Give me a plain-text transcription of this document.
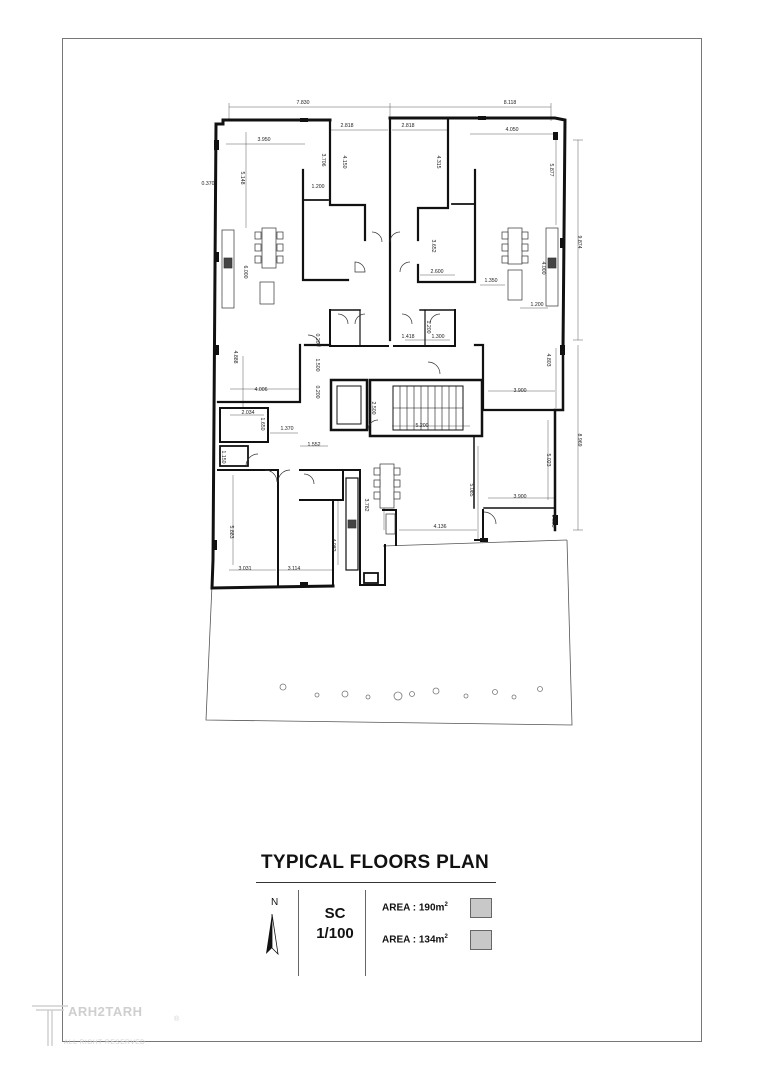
7.830	8.118
3.950
2.818	2.818
4.050
3.706	4.150	4.315
5.877
0.370	5.148
1.200
9.874
6.000
3.652
2.600	4.000
1.350
1.200
0.200
1.500
1.418	1.300
1.200
4.888	4.803
4.006	0.200
2.500
3.900
2.034
1.650	1.370	5.200
8.969
1.552
1.150	5.023
5.085
3.900
3.782
4.136
5.883
4.082
0.350
3.031	3.114
TYPICAL FLOORS PLAN
N
SC
1/100
AREA : $190m^2$
AREA : $134m^2$
ARH2TARH
ALL RIGHT RESERVED
®
